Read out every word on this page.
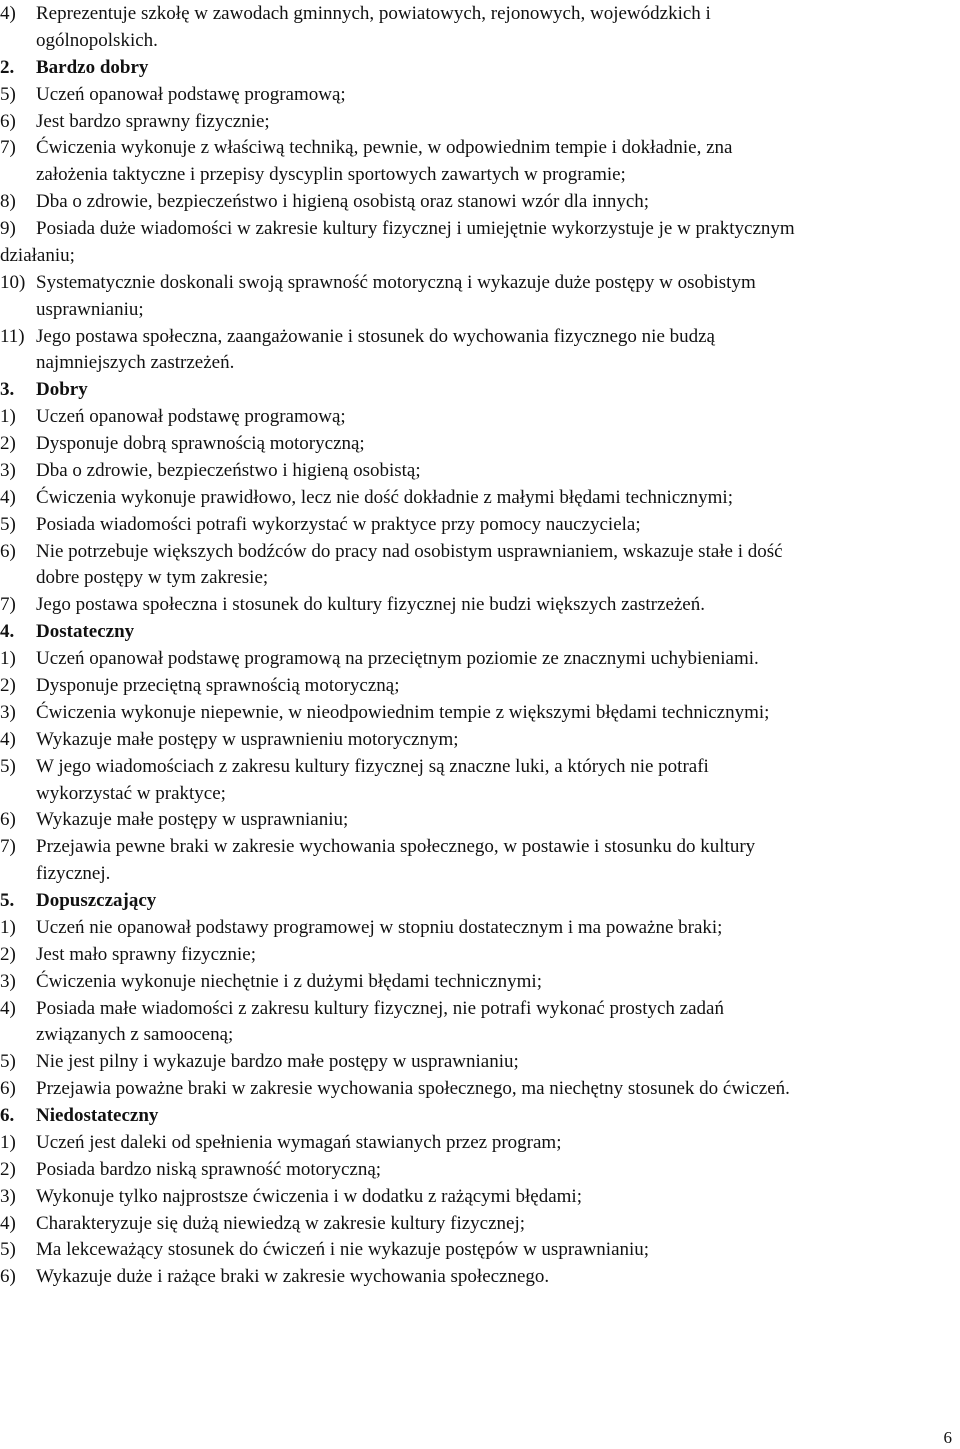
4) Reprezentuje szkołę w zawodach gminnych, powiatowych, rejonowych, wojewódzkich i
ogólnopolskich.
2. Bardzo dobry
5) Uczeń opanował podstawę programową;
6) Jest bardzo sprawny fizycznie;
7) Ćwiczenia wykonuje z właściwą techniką, pewnie, w odpowiednim tempie i dokładnie, zna
założenia taktyczne i przepisy dyscyplin sportowych zawartych w programie;
8) Dba o zdrowie, bezpieczeństwo i higieną osobistą oraz stanowi wzór dla innych;
9) Posiada duże wiadomości w zakresie kultury fizycznej i umiejętnie wykorzystuje je w praktycznym
działaniu;
10) Systematycznie doskonali swoją sprawność motoryczną i wykazuje duże postępy w osobistym
usprawnianiu;
11) Jego postawa społeczna, zaangażowanie i stosunek do wychowania fizycznego nie budzą
najmniejszych zastrzeżeń.
3. Dobry
1) Uczeń opanował podstawę programową;
2) Dysponuje dobrą sprawnością motoryczną;
3) Dba o zdrowie, bezpieczeństwo i higieną osobistą;
4) Ćwiczenia wykonuje prawidłowo, lecz nie dość dokładnie z małymi błędami technicznymi;
5) Posiada wiadomości potrafi wykorzystać w praktyce przy pomocy nauczyciela;
6) Nie potrzebuje większych bodźców do pracy nad osobistym usprawnianiem, wskazuje stałe i dość
dobre postępy w tym zakresie;
7) Jego postawa społeczna i stosunek do kultury fizycznej nie budzi większych zastrzeżeń.
4. Dostateczny
1) Uczeń opanował podstawę programową na przeciętnym poziomie ze znacznymi uchybieniami.
2) Dysponuje przeciętną sprawnością motoryczną;
3) Ćwiczenia wykonuje niepewnie, w nieodpowiednim tempie z większymi błędami technicznymi;
4) Wykazuje małe postępy w usprawnieniu motorycznym;
5) W jego wiadomościach z zakresu kultury fizycznej są znaczne luki, a których nie potrafi
wykorzystać w praktyce;
6) Wykazuje małe postępy w usprawnianiu;
7) Przejawia pewne braki w zakresie wychowania społecznego, w postawie i stosunku do kultury
fizycznej.
5. Dopuszczający
1) Uczeń nie opanował podstawy programowej w stopniu dostatecznym i ma poważne braki;
2) Jest mało sprawny fizycznie;
3) Ćwiczenia wykonuje niechętnie i z dużymi błędami technicznymi;
4) Posiada małe wiadomości z zakresu kultury fizycznej, nie potrafi wykonać prostych zadań
związanych z samooceną;
5) Nie jest pilny i wykazuje bardzo małe postępy w usprawnianiu;
6) Przejawia poważne braki w zakresie wychowania społecznego, ma niechętny stosunek do ćwiczeń.
6. Niedostateczny
1) Uczeń jest daleki od spełnienia wymagań stawianych przez program;
2) Posiada bardzo niską sprawność motoryczną;
3) Wykonuje tylko najprostsze ćwiczenia i w dodatku z rażącymi błędami;
4) Charakteryzuje się dużą niewiedzą w zakresie kultury fizycznej;
5) Ma lekceważący stosunek do ćwiczeń i nie wykazuje postępów w usprawnianiu;
6) Wykazuje duże i rażące braki w zakresie wychowania społecznego.
6
